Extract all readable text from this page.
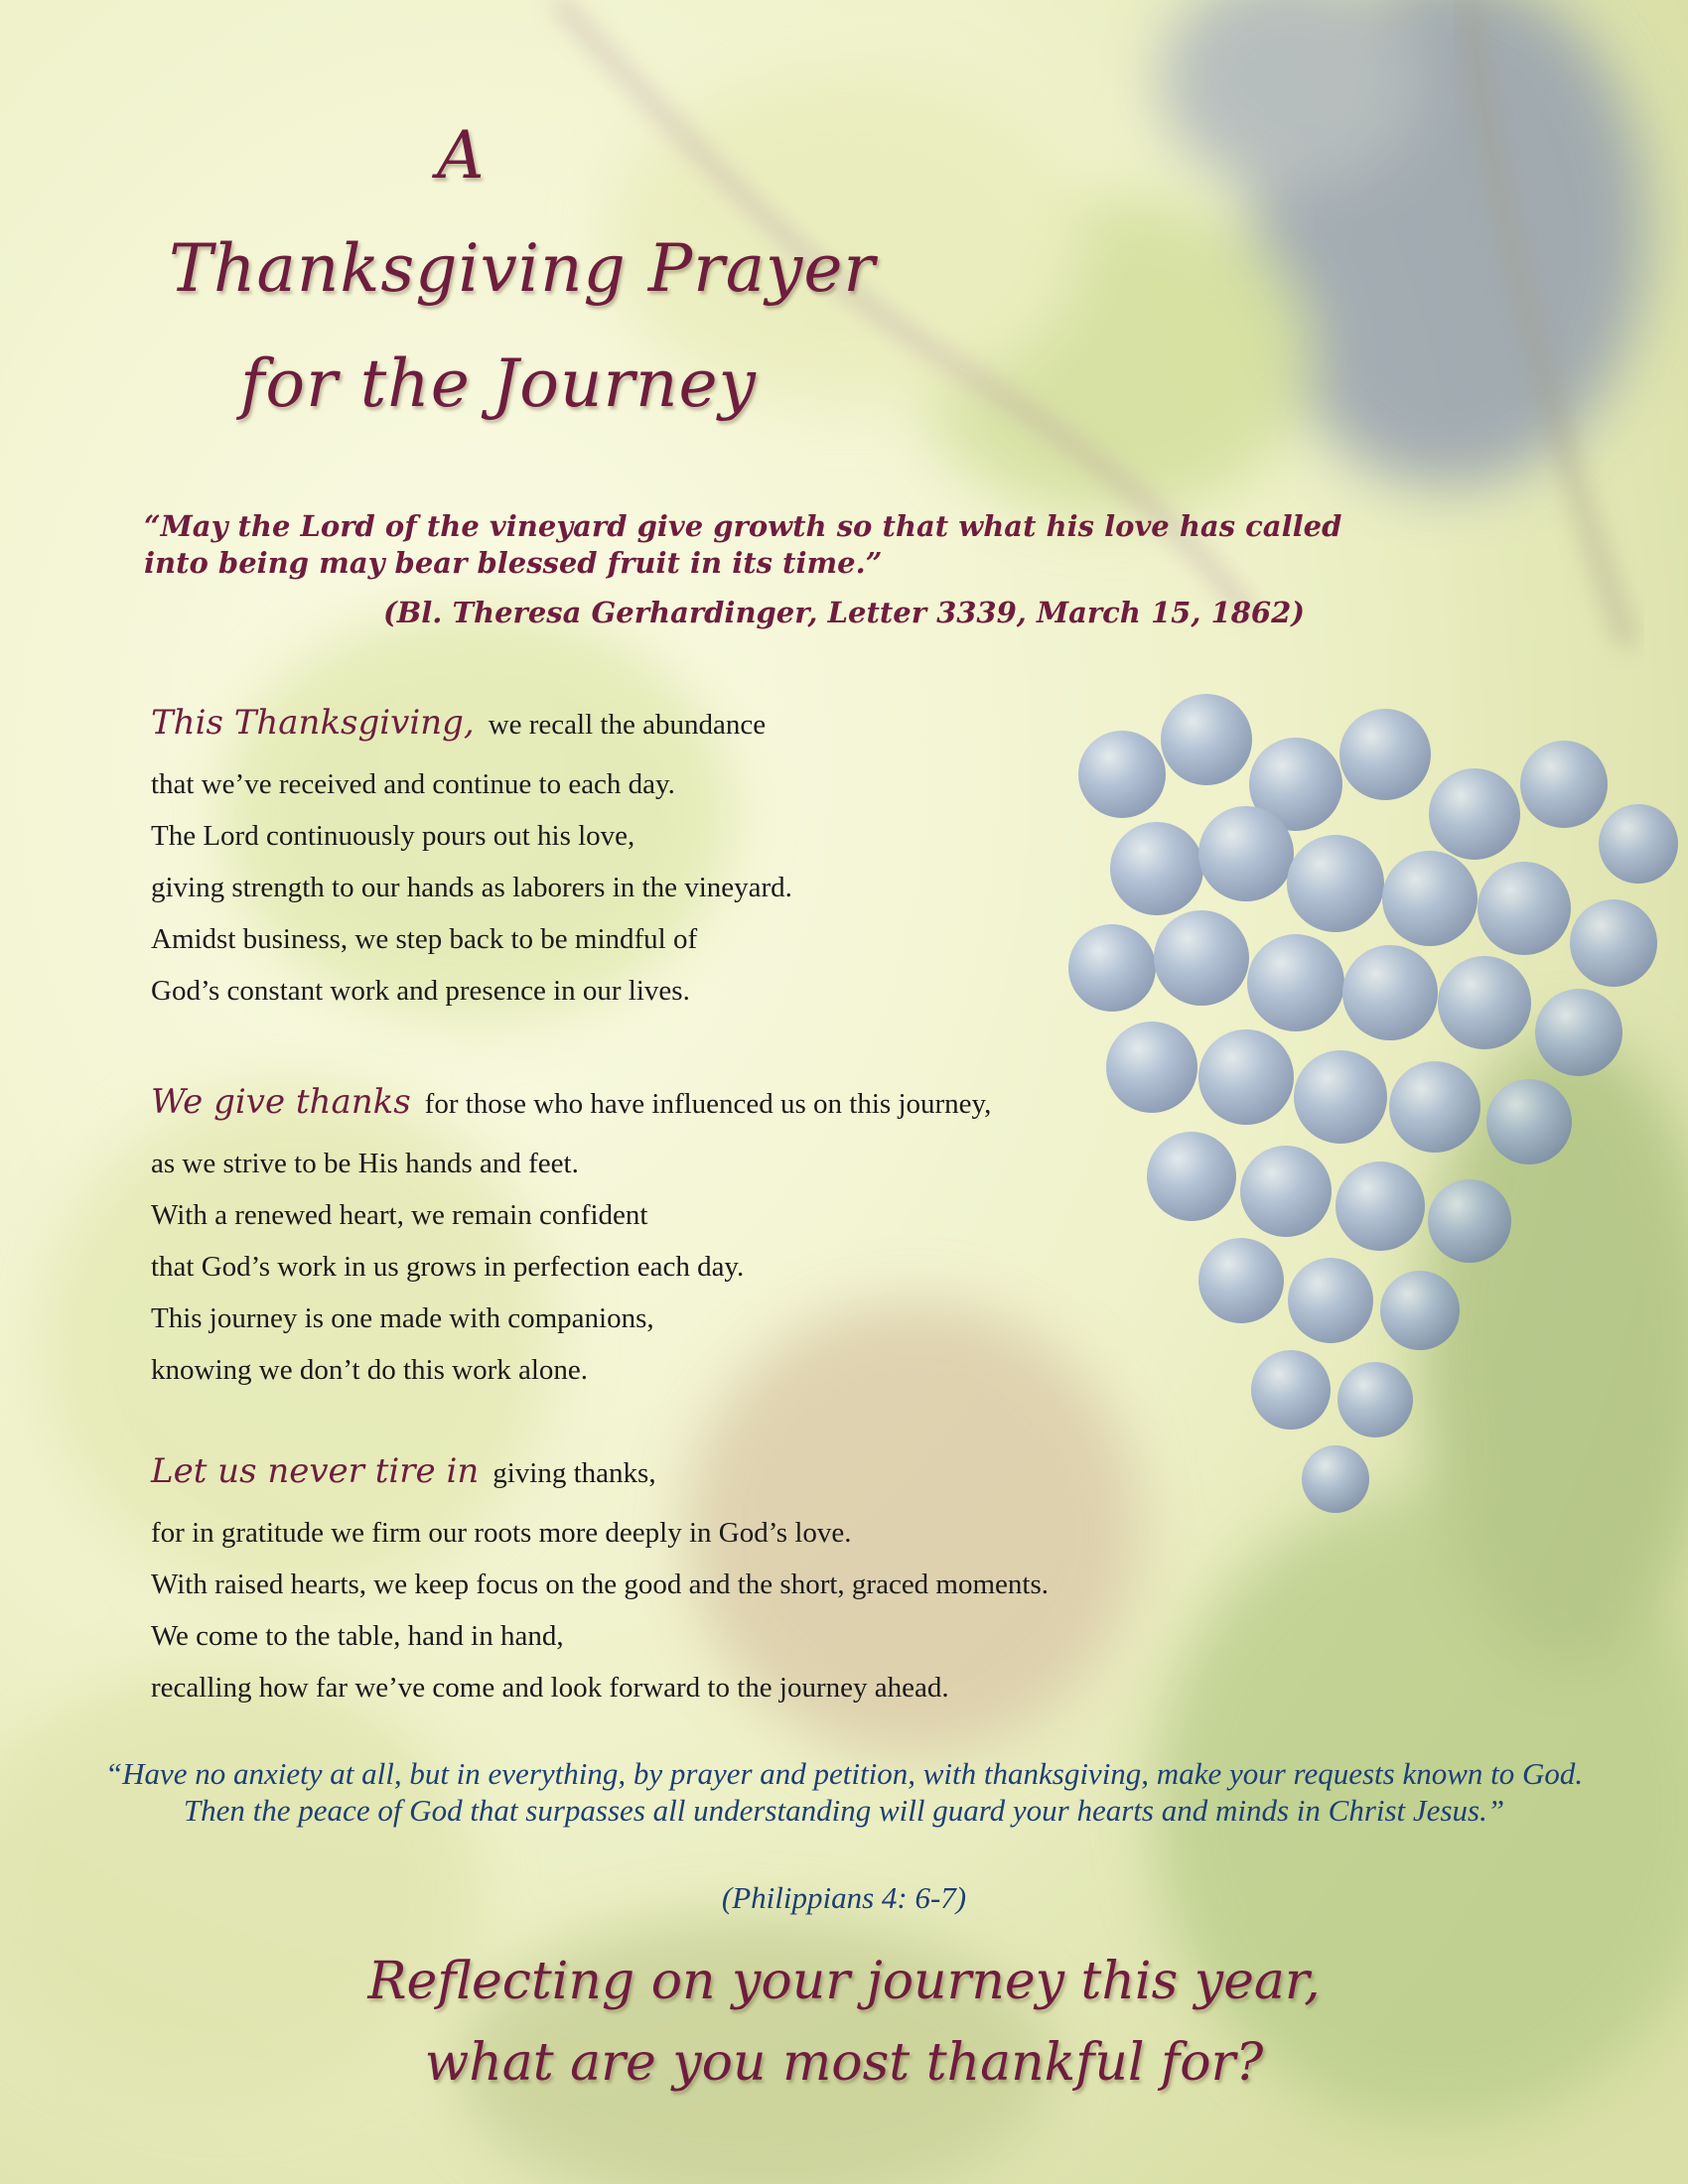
A
Thanksgiving Prayer
for the Journey
“May the Lord of the vineyard give growth so that what his love has called into being may bear blessed fruit in its time.”
(Bl. Theresa Gerhardinger, Letter 3339, March 15, 1862)
This Thanksgiving, we recall the abundance
that we’ve received and continue to each day.
The Lord continuously pours out his love,
giving strength to our hands as laborers in the vineyard.
Amidst business, we step back to be mindful of
God’s constant work and presence in our lives.
We give thanks for those who have influenced us on this journey,
as we strive to be His hands and feet.
With a renewed heart, we remain confident
that God’s work in us grows in perfection each day.
This journey is one made with companions,
knowing we don’t do this work alone.
Let us never tire in giving thanks,
for in gratitude we firm our roots more deeply in God’s love.
With raised hearts, we keep focus on the good and the short, graced moments.
We come to the table, hand in hand,
recalling how far we’ve come and look forward to the journey ahead.
“Have no anxiety at all, but in everything, by prayer and petition, with thanksgiving, make your requests known to God. Then the peace of God that surpasses all understanding will guard your hearts and minds in Christ Jesus.”
(Philippians 4: 6-7)
Reflecting on your journey this year,
what are you most thankful for?
